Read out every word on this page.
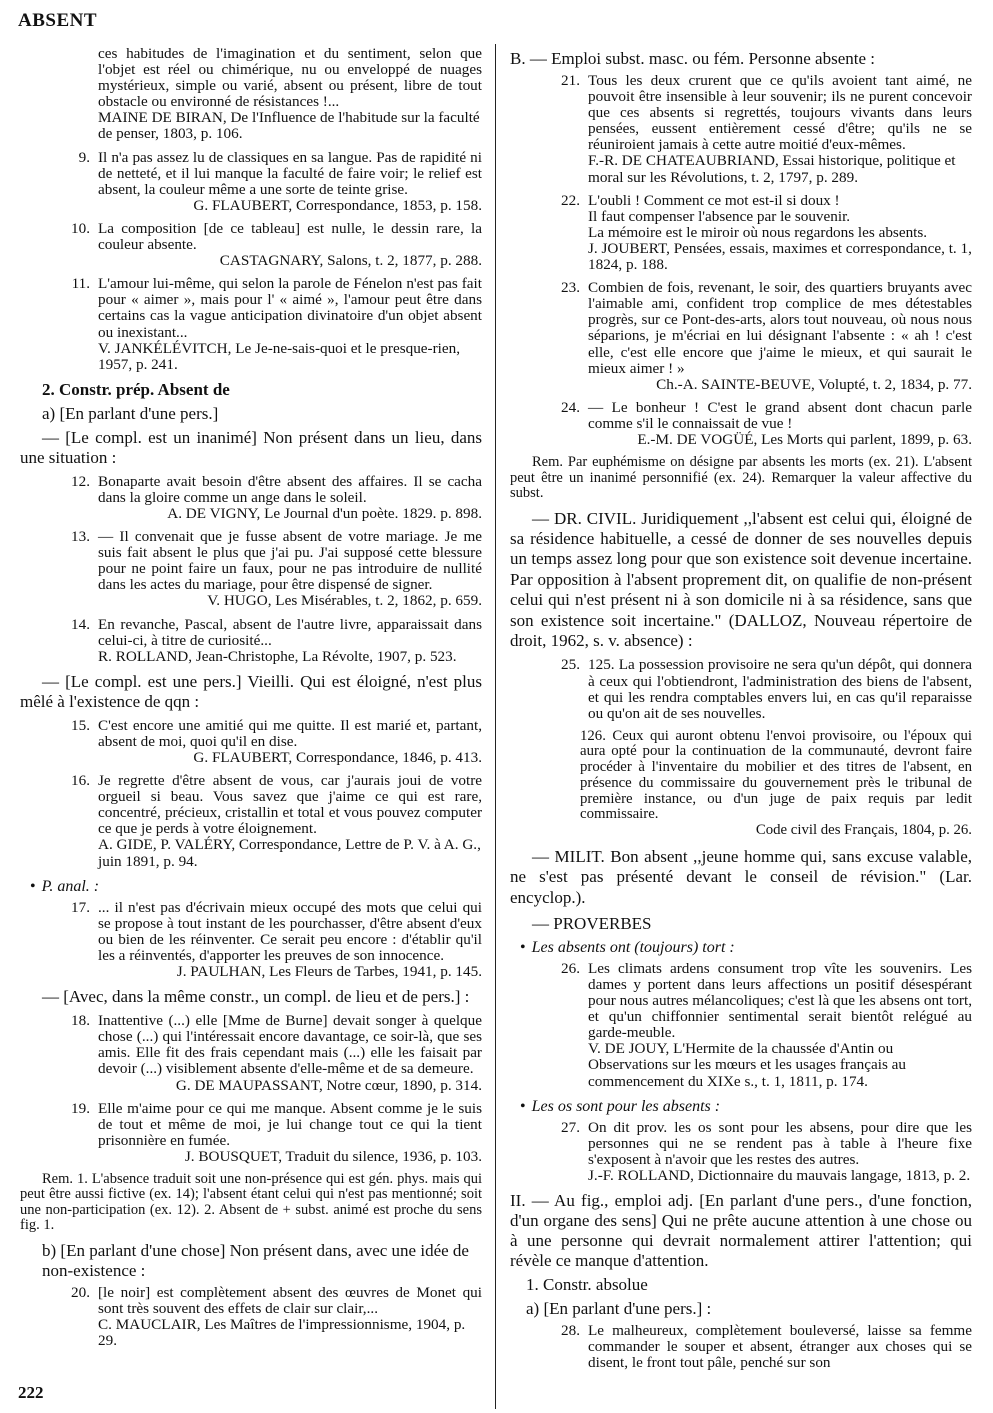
ABSENT
ces habitudes de l'imagination et du sentiment, selon que l'objet est réel ou chimérique, nu ou enveloppé de nuages mystérieux, simple ou varié, absent ou présent, libre de tout obstacle ou environné de résistances !...
MAINE DE BIRAN, De l'Influence de l'habitude sur la faculté de penser, 1803, p. 106.
9. Il n'a pas assez lu de classiques en sa langue. Pas de rapidité ni de netteté, et il lui manque la faculté de faire voir; le relief est absent, la couleur même a une sorte de teinte grise.
G. FLAUBERT, Correspondance, 1853, p. 158.
10. La composition [de ce tableau] est nulle, le dessin rare, la couleur absente.
CASTAGNARY, Salons, t. 2, 1877, p. 288.
11. L'amour lui-même, qui selon la parole de Fénelon n'est pas fait pour « aimer », mais pour l' « aimé », l'amour peut être dans certains cas la vague anticipation divinatoire d'un objet absent ou inexistant...
V. JANKÉLÉVITCH, Le Je-ne-sais-quoi et le presque-rien, 1957, p. 241.
2. Constr. prép. Absent de
a) [En parlant d'une pers.]
— [Le compl. est un inanimé] Non présent dans un lieu, dans une situation :
12. Bonaparte avait besoin d'être absent des affaires. Il se cacha dans la gloire comme un ange dans le soleil.
A. DE VIGNY, Le Journal d'un poète. 1829. p. 898.
13. — Il convenait que je fusse absent de votre mariage. Je me suis fait absent le plus que j'ai pu. J'ai supposé cette blessure pour ne point faire un faux, pour ne pas introduire de nullité dans les actes du mariage, pour être dispensé de signer.
V. HUGO, Les Misérables, t. 2, 1862, p. 659.
14. En revanche, Pascal, absent de l'autre livre, apparaissait dans celui-ci, à titre de curiosité...
R. ROLLAND, Jean-Christophe, La Révolte, 1907, p. 523.
— [Le compl. est une pers.] Vieilli. Qui est éloigné, n'est plus mêlé à l'existence de qqn :
15. C'est encore une amitié qui me quitte. Il est marié et, partant, absent de moi, quoi qu'il en dise.
G. FLAUBERT, Correspondance, 1846, p. 413.
16. Je regrette d'être absent de vous, car j'aurais joui de votre orgueil si beau. Vous savez que j'aime ce qui est rare, concentré, précieux, cristallin et total et vous pouvez computer ce que je perds à votre éloignement.
A. GIDE, P. VALÉRY, Correspondance, Lettre de P. V. à A. G., juin 1891, p. 94.
• P. anal. :
17. ... il n'est pas d'écrivain mieux occupé des mots que celui qui se propose à tout instant de les pourchasser, d'être absent d'eux ou bien de les réinventer. Ce serait peu encore : d'établir qu'il les a réinventés, d'apporter les preuves de son innocence.
J. PAULHAN, Les Fleurs de Tarbes, 1941, p. 145.
— [Avec, dans la même constr., un compl. de lieu et de pers.] :
18. Inattentive (...) elle [Mme de Burne] devait songer à quelque chose (...) qui l'intéressait encore davantage, ce soir-là, que ses amis. Elle fit des frais cependant mais (...) elle les faisait par devoir (...) visiblement absente d'elle-même et de sa demeure.
G. DE MAUPASSANT, Notre cœur, 1890, p. 314.
19. Elle m'aime pour ce qui me manque. Absent comme je le suis de tout et même de moi, je lui change tout ce qui la tient prisonnière en fumée.
J. BOUSQUET, Traduit du silence, 1936, p. 103.
Rem. 1. L'absence traduit soit une non-présence qui est gén. phys. mais qui peut être aussi fictive (ex. 14); l'absent étant celui qui n'est pas mentionné; soit une non-participation (ex. 12). 2. Absent de + subst. animé est proche du sens fig. 1.
b) [En parlant d'une chose] Non présent dans, avec une idée de non-existence :
20. [le noir] est complètement absent des œuvres de Monet qui sont très souvent des effets de clair sur clair,...
C. MAUCLAIR, Les Maîtres de l'impressionnisme, 1904, p. 29.
B. — Emploi subst. masc. ou fém. Personne absente :
21. Tous les deux crurent que ce qu'ils avoient tant aimé, ne pouvoit être insensible à leur souvenir; ils ne purent concevoir que ces absents si regrettés, toujours vivants dans leurs pensées, eussent entièrement cessé d'être; qu'ils ne se réuniroient jamais à cette autre moitié d'eux-mêmes.
F.-R. DE CHATEAUBRIAND, Essai historique, politique et moral sur les Révolutions, t. 2, 1797, p. 289.
22. L'oubli ! Comment ce mot est-il si doux !
Il faut compenser l'absence par le souvenir.
La mémoire est le miroir où nous regardons les absents.
J. JOUBERT, Pensées, essais, maximes et correspondance, t. 1, 1824, p. 188.
23. Combien de fois, revenant, le soir, des quartiers bruyants avec l'aimable ami, confident trop complice de mes détestables progrès, sur ce Pont-des-arts, alors tout nouveau, où nous nous séparions, je m'écriai en lui désignant l'absente : « ah ! c'est elle, c'est elle encore que j'aime le mieux, et qui saurait le mieux aimer ! »
Ch.-A. SAINTE-BEUVE, Volupté, t. 2, 1834, p. 77.
24. — Le bonheur ! C'est le grand absent dont chacun parle comme s'il le connaissait de vue !
E.-M. DE VOGÜÉ, Les Morts qui parlent, 1899, p. 63.
Rem. Par euphémisme on désigne par absents les morts (ex. 21). L'absent peut être un inanimé personnifié (ex. 24). Remarquer la valeur affective du subst.
— DR. CIVIL. Juridiquement ,,l'absent est celui qui, éloigné de sa résidence habituelle, a cessé de donner de ses nouvelles depuis un temps assez long pour que son existence soit devenue incertaine. Par opposition à l'absent proprement dit, on qualifie de non-présent celui qui n'est présent ni à son domicile ni à sa résidence, sans que son existence soit incertaine." (DALLOZ, Nouveau répertoire de droit, 1962, s. v. absence) :
25. 125. La possession provisoire ne sera qu'un dépôt, qui donnera à ceux qui l'obtiendront, l'administration des biens de l'absent, et qui les rendra comptables envers lui, en cas qu'il reparaisse ou qu'on ait de ses nouvelles.
126. Ceux qui auront obtenu l'envoi provisoire, ou l'époux qui aura opté pour la continuation de la communauté, devront faire procéder à l'inventaire du mobilier et des titres de l'absent, en présence du commissaire du gouvernement près le tribunal de première instance, ou d'un juge de paix requis par ledit commissaire.
Code civil des Français, 1804, p. 26.
— MILIT. Bon absent ,,jeune homme qui, sans excuse valable, ne s'est pas présenté devant le conseil de révision." (Lar. encyclop.).
— PROVERBES
• Les absents ont (toujours) tort :
26. Les climats ardens consument trop vîte les souvenirs. Les dames y portent dans leurs affections un positif désespérant pour nous autres mélancoliques; c'est là que les absens ont tort, et qu'un chiffonnier sentimental serait bientôt relégué au garde-meuble.
V. DE JOUY, L'Hermite de la chaussée d'Antin ou Observations sur les mœurs et les usages français au commencement du XIXe s., t. 1, 1811, p. 174.
• Les os sont pour les absents :
27. On dit prov. les os sont pour les absens, pour dire que les personnes qui ne se rendent pas à table à l'heure fixe s'exposent à n'avoir que les restes des autres.
J.-F. ROLLAND, Dictionnaire du mauvais langage, 1813, p. 2.
II. — Au fig., emploi adj. [En parlant d'une pers., d'une fonction, d'un organe des sens] Qui ne prête aucune attention à une chose ou à une personne qui devrait normalement attirer l'attention; qui révèle ce manque d'attention.
1. Constr. absolue
a) [En parlant d'une pers.] :
28. Le malheureux, complètement bouleversé, laisse sa femme commander le souper et absent, étranger aux choses qui se disent, le front tout pâle, penché sur son
222
